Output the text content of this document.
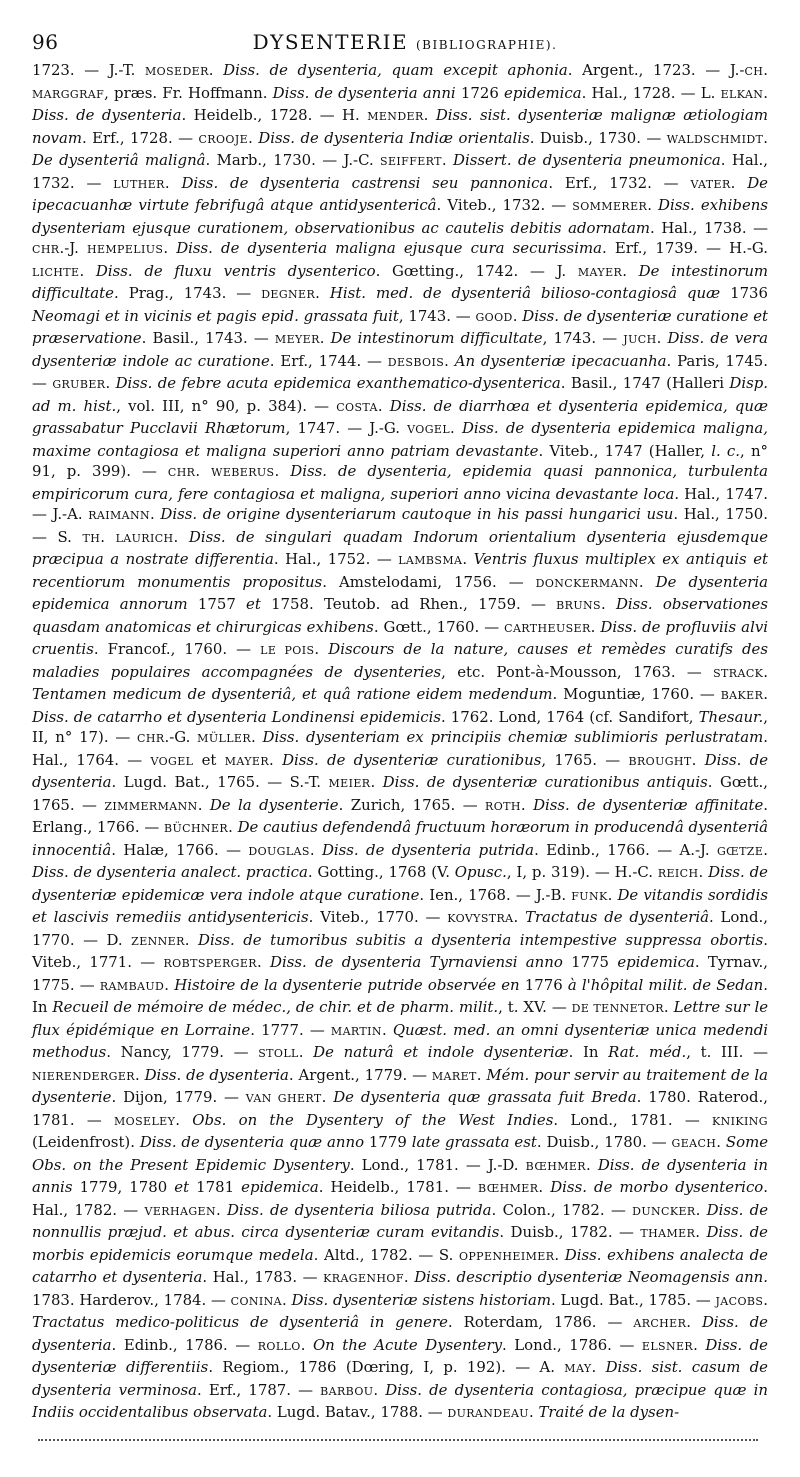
96	DYSENTERIE (BIBLIOGRAPHIE).
1723. — J.-T. MOSEDER. Diss. de dysenteria, quam excepit aphonia. Argent., 1723. — J.-CH. MARGGRAF, præs. Fr. Hoffmann. Diss. de dysenteria anni 1726 epidemica. Hal., 1728. — L. ELKAN. Diss. de dysenteria. Heidelb., 1728. — H. MENDER. Diss. sist. dysenteriæ malignæ ætiologiam novam. Erf., 1728. — CROOJE. Diss. de dysenteria Indiæ orientalis. Duisb., 1730. — WALDSCHMIDT. De dysenteriâ malignâ. Marb., 1730. — J.-C. SEIFFERT. Dissert. de dysenteria pneumonica. Hal., 1732. — LUTHER. Diss. de dysenteria castrensi seu pannonica. Erf., 1732. — VATER. De ipecacuanhæ virtute febrifugâ atque antidysentericâ. Viteb., 1732. — SOMMERER. Diss. exhibens dysenteriam ejusque curationem, observationibus ac cautelis debitis adornatam. Hal., 1738. — CHR.-J. HEMPELIUS. Diss. de dysenteria maligna ejusque cura securissima. Erf., 1739. — H.-G. LICHTE. Diss. de fluxu ventris dysenterico. Gœtting., 1742. — J. MAYER. De intestinorum difficultate. Prag., 1743. — DEGNER. Hist. med. de dysenteriâ bilioso-contagiosâ quæ 1736 Neomagi et in vicinis et pagis epid. grassata fuit, 1743. — GOOD. Diss. de dysenteriæ curatione et præservatione. Basil., 1743. — MEYER. De intestinorum difficultate, 1743. — JUCH. Diss. de vera dysenteriæ indole ac curatione. Erf., 1744. — DESBOIS. An dysenteriæ ipecacuanha. Paris, 1745. — GRUBER. Diss. de febre acuta epidemica exanthematico-dysenterica. Basil., 1747 (Halleri Disp. ad m. hist., vol. III, n° 90, p. 384). — COSTA. Diss. de diarrhœa et dysenteria epidemica, quæ grassabatur Pucclavii Rhætorum, 1747. — J.-G. VOGEL. Diss. de dysenteria epidemica maligna, maxime contagiosa et maligna superiori anno patriam devastante. Viteb., 1747 (Haller, l. c., n° 91, p. 399). — CHR. WEBERUS. Diss. de dysenteria, epidemia quasi pannonica, turbulenta empiricorum cura, fere contagiosa et maligna, superiori anno vicina devastante loca. Hal., 1747. — J.-A. RAIMANN. Diss. de origine dysenteriarum cautoque in his passi hungarici usu. Hal., 1750. — S. TH. LAURICH. Diss. de singulari quadam Indorum orientalium dysenteria ejusdemque præcipua a nostrate differentia. Hal., 1752. — LAMBSMA. Ventris fluxus multiplex ex antiquis et recentiorum monumentis propositus. Amstelodami, 1756. — DONCKERMANN. De dysenteria epidemica annorum 1757 et 1758. Teutob. ad Rhen., 1759. — BRUNS. Diss. observationes quasdam anatomicas et chirurgicas exhibens. Gœtt., 1760. — CARTHEUSER. Diss. de profluviis alvi cruentis. Francof., 1760. — LE POIS. Discours de la nature, causes et remèdes curatifs des maladies populaires accompagnées de dysenteries, etc. Pont-à-Mousson, 1763. — STRACK. Tentamen medicum de dysenteriâ, et quâ ratione eidem medendum. Moguntiæ, 1760. — BAKER. Diss. de catarrho et dysenteria Londinensi epidemicis. 1762. Lond, 1764 (cf. Sandifort, Thesaur., II, n° 17). — CHR.-G. MÜLLER. Diss. dysenteriam ex principiis chemiæ sublimioris perlustratam. Hal., 1764. — VOGEL et MAYER. Diss. de dysenteriæ curationibus, 1765. — BROUGHT. Diss. de dysenteria. Lugd. Bat., 1765. — S.-T. MEIER. Diss. de dysenteriæ curationibus antiquis. Gœtt., 1765. — ZIMMERMANN. De la dysenterie. Zurich, 1765. — ROTH. Diss. de dysenteriæ affinitate. Erlang., 1766. — BÜCHNER. De cautius defendendâ fructuum horæorum in producendâ dysenteriâ innocentiâ. Halæ, 1766. — DOUGLAS. Diss. de dysenteria putrida. Edinb., 1766. — A.-J. GŒTZE. Diss. de dysenteria analect. practica. Gotting., 1768 (V. Opusc., I, p. 319). — H.-C. REICH. Diss. de dysenteriæ epidemicæ vera indole atque curatione. Ien., 1768. — J.-B. FUNK. De vitandis sordidis et lascivis remediis antidysentericis. Viteb., 1770. — KOVYSTRA. Tractatus de dysenteriâ. Lond., 1770. — D. ZENNER. Diss. de tumoribus subitis a dysenteria intempestive suppressa obortis. Viteb., 1771. — ROBTSPERGER. Diss. de dysenteria Tyrnaviensi anno 1775 epidemica. Tyrnav., 1775. — RAMBAUD. Histoire de la dysenterie putride observée en 1776 à l'hôpital milit. de Sedan. In Recueil de mémoire de médec., de chir. et de pharm. milit., t. XV. — DE TENNETOR. Lettre sur le flux épidémique en Lorraine. 1777. — MARTIN. Quæst. med. an omni dysenteriæ unica medendi methodus. Nancy, 1779. — STOLL. De naturâ et indole dysenteriæ. In Rat. méd., t. III. — NIERENDERGER. Diss. de dysenteria. Argent., 1779. — MARET. Mém. pour servir au traitement de la dysenterie. Dijon, 1779. — VAN GHERT. De dysenteria quæ grassata fuit Breda. 1780. Raterod., 1781. — MOSELEY. Obs. on the Dysentery of the West Indies. Lond., 1781. — KNIKING (Leidenfrost). Diss. de dysenteria quæ anno 1779 late grassata est. Duisb., 1780. — GEACH. Some Obs. on the Present Epidemic Dysentery. Lond., 1781. — J.-D. BŒHMER. Diss. de dysenteria in annis 1779, 1780 et 1781 epidemica. Heidelb., 1781. — BŒHMER. Diss. de morbo dysenterico. Hal., 1782. — VERHAGEN. Diss. de dysenteria biliosa putrida. Colon., 1782. — DUNCKER. Diss. de nonnullis præjud. et abus. circa dysenteriæ curam evitandis. Duisb., 1782. — THAMER. Diss. de morbis epidemicis eorumque medela. Altd., 1782. — S. OPPENHEIMER. Diss. exhibens analecta de catarrho et dysenteria. Hal., 1783. — KRAGENHOF. Diss. descriptio dysenteriæ Neomagensis ann. 1783. Harderov., 1784. — CONINA. Diss. dysenteriæ sistens historiam. Lugd. Bat., 1785. — JACOBS. Tractatus medico-politicus de dysenteriâ in genere. Roterdam, 1786. — ARCHER. Diss. de dysenteria. Edinb., 1786. — ROLLO. On the Acute Dysentery. Lond., 1786. — ELSNER. Diss. de dysenteriæ differentiis. Regiom., 1786 (Dœring, I, p. 192). — A. MAY. Diss. sist. casum de dysenteria verminosa. Erf., 1787. — BARBOU. Diss. de dysenteria contagiosa, præcipue quæ in Indiis occidentalibus observata. Lugd. Batav., 1788. — DURANDEAU. Traité de la dysen-
